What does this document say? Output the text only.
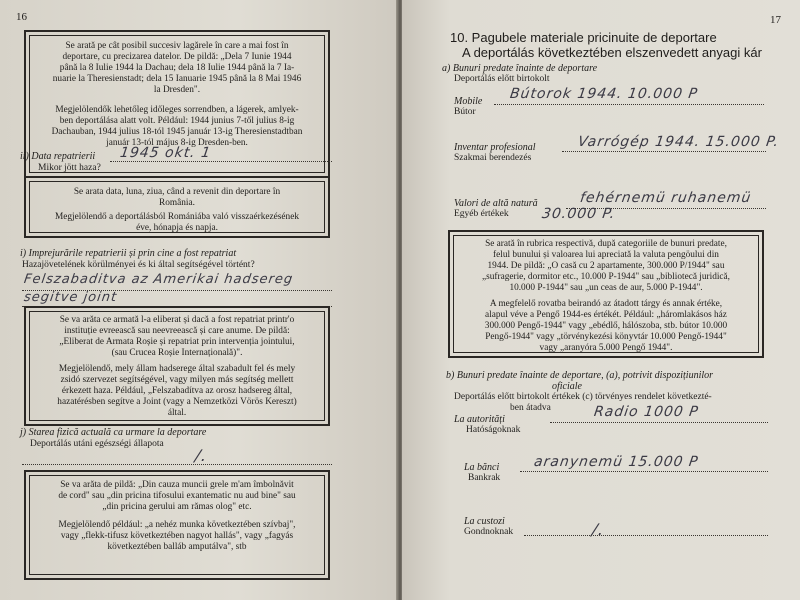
16
Se arată pe cât posibil succesiv lagărele în care a mai fost în
deportare, cu precizarea datelor. De pildă: „Dela 7 Iunie 1944
până la 8 Iulie 1944 la Dachau; dela 18 Iulie 1944 până la 7 Ia-
nuarie la Theresienstadt; dela 15 Ianuarie 1945 până la 8 Mai 1946
la Dresden".
Megjelölendők lehetőleg időleges sorrendben, a lágerek, amlyek-
ben deportálása alatt volt. Például: 1944 junius 7-től julius 8-ig
Dachauban, 1944 julius 18-tól 1945 január 13-ig Theresienstadtban
január 13-tól május 8-ig Dresden-ben.
ii) Data repatrierii
Mikor jött haza?
1945 okt. 1
Se arata data, luna, ziua, când a revenit din deportare în
România.
Megjelölendő a deportálásból Romániába való visszaérkezésének
éve, hónapja és napja.
i) Imprejurările repatrierii și prin cine a fost repatriat
Hazajövetelének körülményei és ki által segítségével történt?
Felszabaditva az Amerikai hadsereg
segitve joint
Se va arăta ce armată l-a eliberat și dacă a fost repatriat printr'o
instituție evreească sau neevreească și care anume. De pildă:
„Eliberat de Armata Roșie și repatriat prin intervenția jointului,
(sau Crucea Roșie Internațională)".
Megjelölendő, mely állam hadserege által szabadult fel és mely
zsidó szervezet segítségével, vagy milyen más segítség mellett
érkezett haza. Például, „Felszabadítva az orosz hadsereg által,
hazatérésben segítve a Joint (vagy a Nemzetközi Vörös Kereszt)
által.
j) Starea fizică actuală ca urmare la deportare
Deportálás utáni egészségi állapota
/.
Se va arăta de pildă: „Din cauza muncii grele m'am îmbolnăvit
de cord" sau „din pricina tifosului exantematic nu aud bine" sau
„din pricina gerului am rămas olog" etc.
Megjelölendő például: „a nehéz munka következtében szívbaj",
vagy „flekk-tifusz következtében nagyot hallás", vagy „fagyás
következtében balláb amputálva", stb
17
10. Pagubele materiale pricinuite de deportare
A deportálás következtében elszenvedett anyagi kár
a) Bunuri predate înainte de deportare
Deportálás előtt birtokolt
Mobile
Bútor
Bútorok 1944. 10.000 P
Inventar profesional
Szakmai berendezés
Varrógép 1944. 15.000 P.
Valori de altă natură
Egyéb értékek
fehérnemü ruhanemü
30.000 P.
Se arată în rubrica respectivă, după categoriile de bunuri predate,
felul bunului și valoarea lui apreciată la valuta pengöului din
1944. De pildă: „O casă cu 2 apartamente, 300.000 P/1944" sau
„sufragerie, dormitor etc., 10.000 P-1944" sau „bibliotecă juridică,
10.000 P-1944" sau „un ceas de aur, 5.000 P-1944".
A megfelelő rovatba beirandó az átadott tárgy és annak értéke,
alapul véve a Pengő 1944-es értékét. Például: „háromlakásos ház
300.000 Pengő-1944" vagy „ebédlő, hálószoba, stb. bútor 10.000
Pengő-1944" vagy „törvénykezési könyvtár 10.000 Pengő-1944"
vagy „aranyóra 5.000 Pengő 1944".
b) Bunuri predate înainte de deportare, (a), potrivit dispozițiunilor
oficiale
Deportálás előtt birtokolt értékek (c) törvényes rendelet következté-
ben átadva
La autorități
Hatóságoknak
Radio 1000 P
La bănci
Bankrak
aranynemü 15.000 P
La custozi
Gondnoknak	/.
